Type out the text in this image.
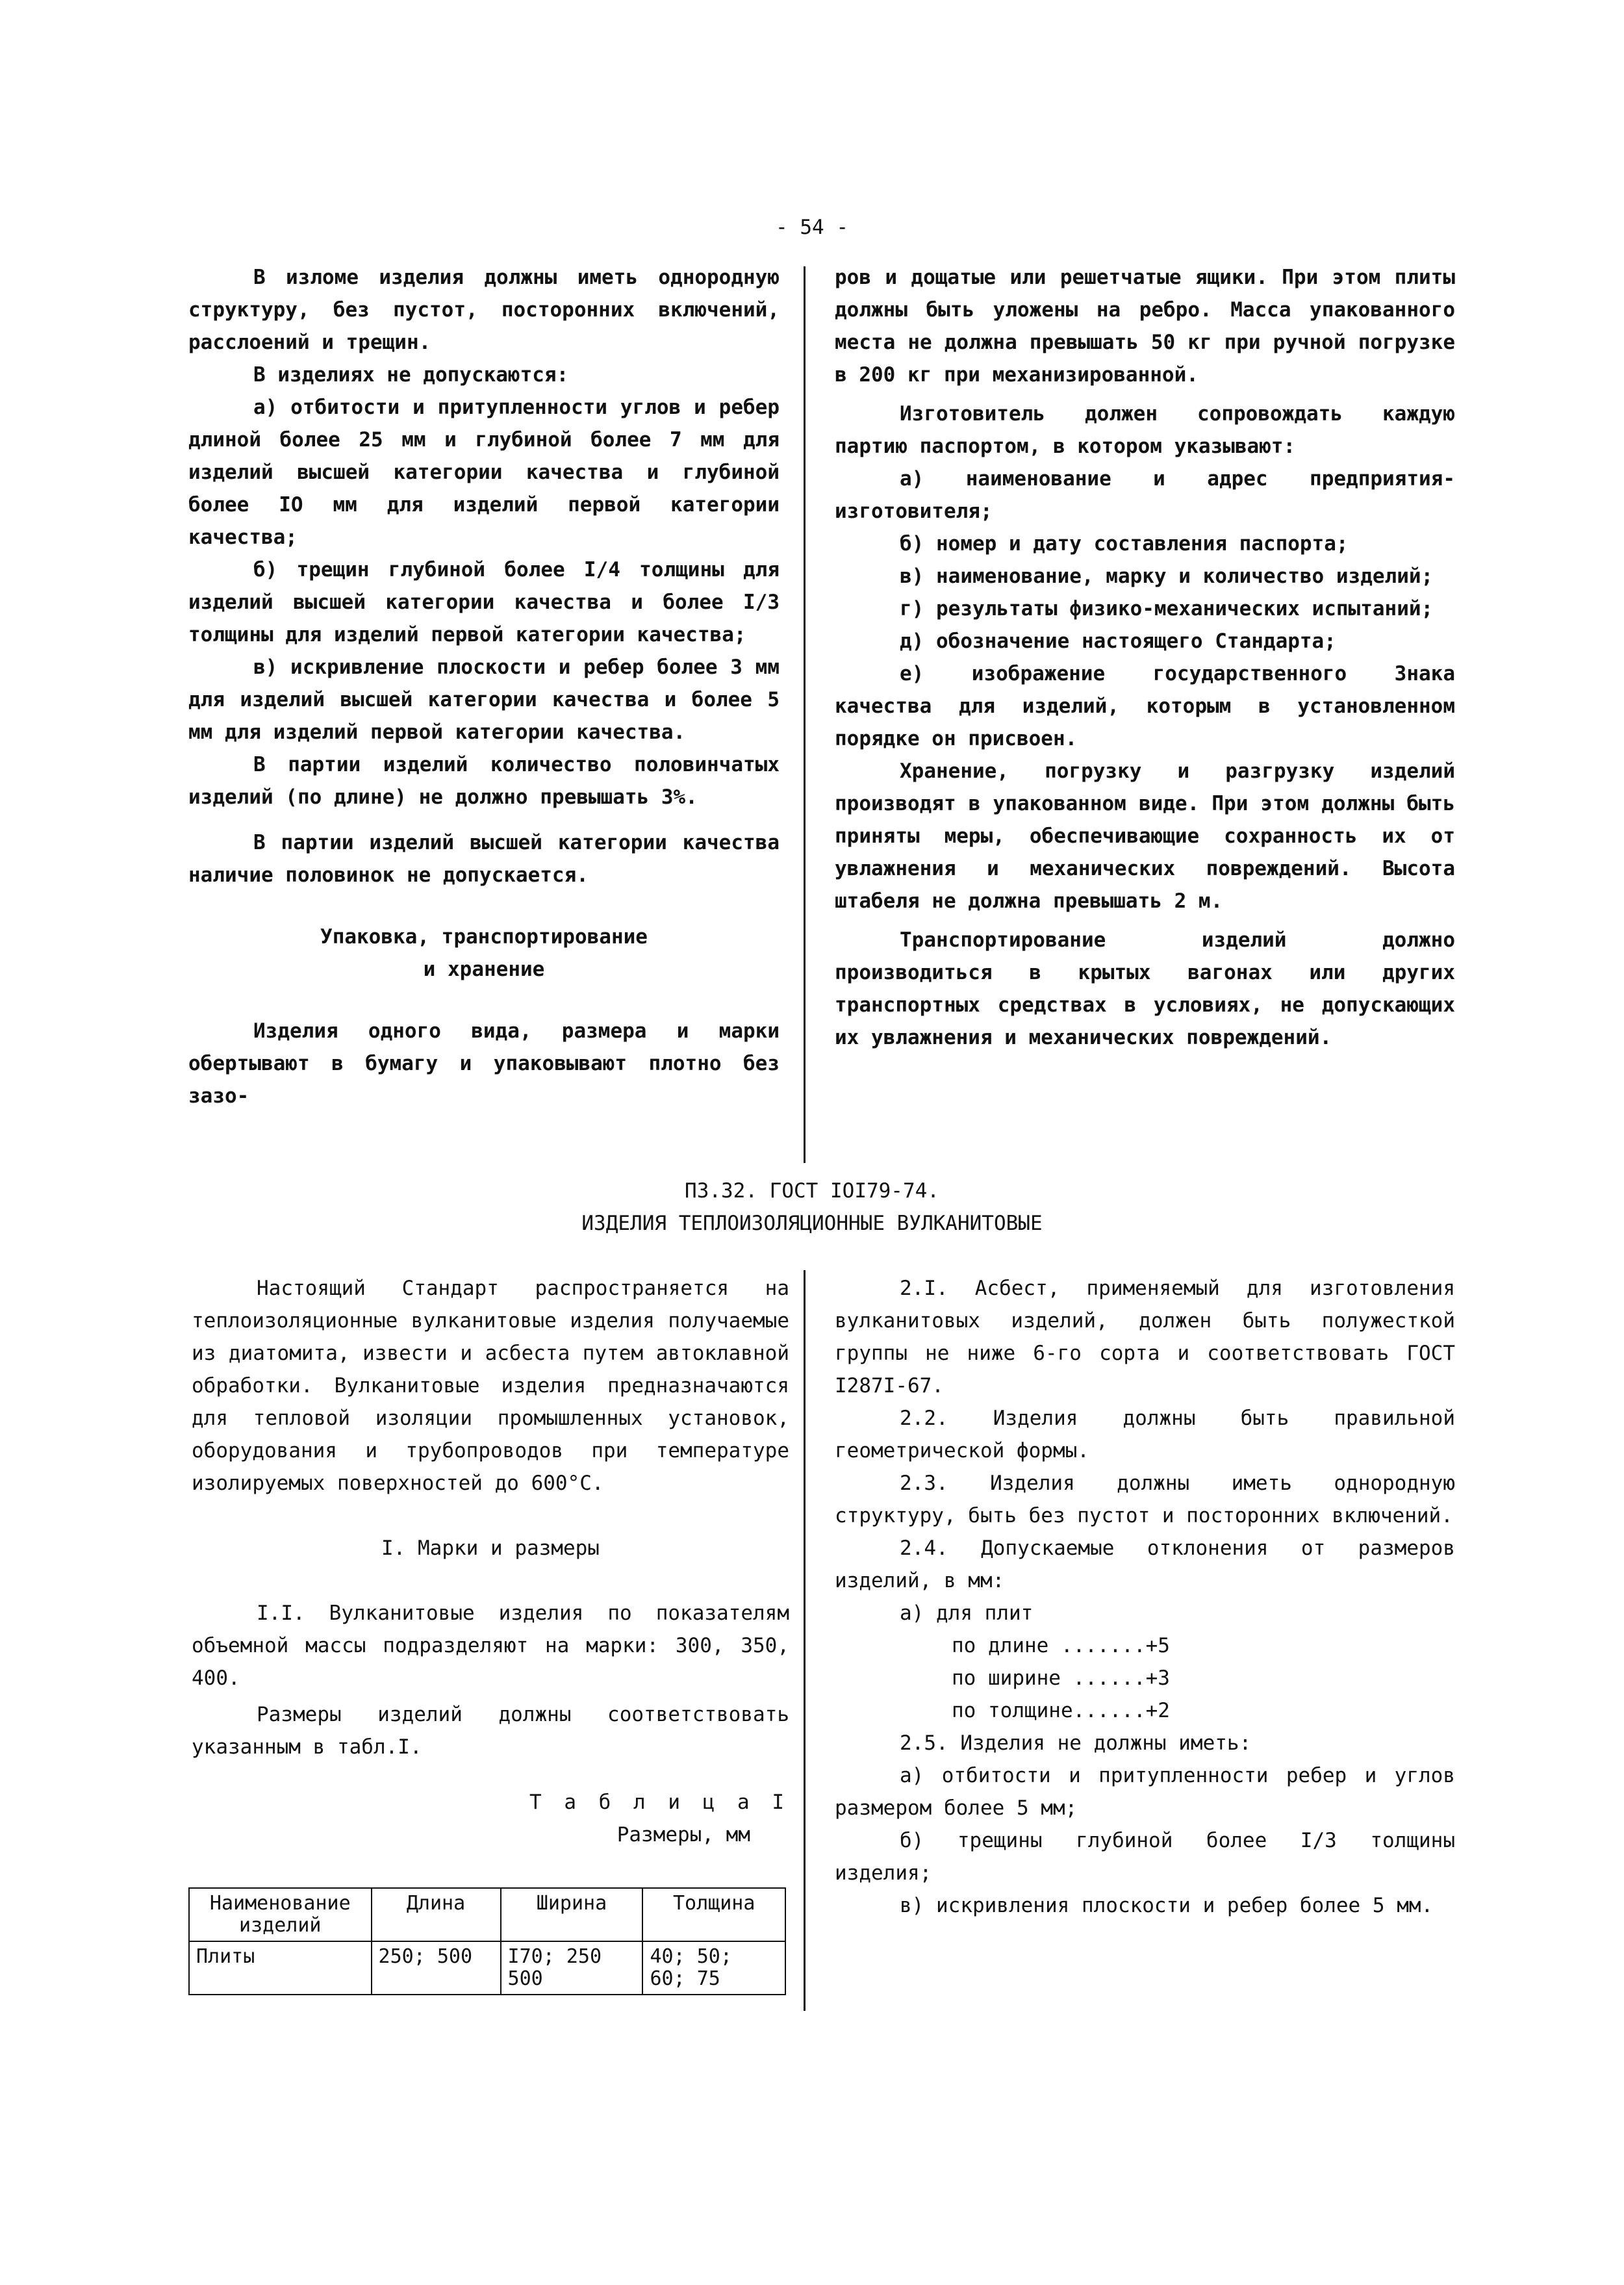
- 54 -

В изломе изделия должны иметь однородную структуру, без пустот, посторонних включений, расслоений и трещин.

В изделиях не допускаются:

а) отбитости и притупленности углов и ребер длиной более 25 мм и глубиной более 7 мм для изделий высшей категории качества и глубиной более IO мм для изделий первой категории качества;

б) трещин глубиной более I/4 толщины для изделий высшей категории качества и более I/3 толщины для изделий первой категории качества;

в) искривление плоскости и ребер более 3 мм для изделий высшей категории качества и более 5 мм для изделий первой категории качества.

В партии изделий количество половинчатых изделий (по длине) не должно превышать 3%.

В партии изделий высшей категории качества наличие половинок не допускается.

Упаковка, транспортирование

и хранение

Изделия одного вида, размера и марки обертывают в бумагу и упаковывают плотно без зазо-

ров и дощатые или решетчатые ящики. При этом плиты должны быть уложены на ребро. Масса упакованного места не должна превышать 50 кг при ручной погрузке в 200 кг при механизированной.

Изготовитель должен сопровождать каждую партию паспортом, в котором указывают:

а) наименование и адрес предприятия-изготовителя;

б) номер и дату составления паспорта;

в) наименование, марку и количество изделий;

г) результаты физико-механических испытаний;

д) обозначение настоящего Стандарта;

е) изображение государственного Знака качества для изделий, которым в установленном порядке он присвоен.

Хранение, погрузку и разгрузку изделий производят в упакованном виде. При этом должны быть приняты меры, обеспечивающие сохранность их от увлажнения и механических повреждений. Высота штабеля не должна превышать 2 м.

Транспортирование изделий должно производиться в крытых вагонах или других транспортных средствах в условиях, не допускающих их увлажнения и механических повреждений.

ПЗ.32. ГОСТ IOI79-74.
ИЗДЕЛИЯ ТЕПЛОИЗОЛЯЦИОННЫЕ ВУЛКАНИТОВЫЕ

Настоящий Стандарт распространяется на теплоизоляционные вулканитовые изделия получаемые из диатомита, извести и асбеста путем автоклавной обработки. Вулканитовые изделия предназначаются для тепловой изоляции промышленных установок, оборудования и трубопроводов при температуре изолируемых поверхностей до 600°С.

I. Марки и размеры

I.I. Вулканитовые изделия по показателям объемной массы подразделяют на марки: 300, 350, 400.

Размеры изделий должны соответствовать указанным в табл.I.

Т а б л и ц а I

Размеры, мм

Наименование изделий	Длина	Ширина	Толщина
Плиты	250; 500	I70; 250 500	40; 50; 60; 75

2.I. Асбест, применяемый для изготовления вулканитовых изделий, должен быть полужесткой группы не ниже 6-го сорта и соответствовать ГОСТ I287I-67.

2.2. Изделия должны быть правильной геометрической формы.

2.3. Изделия должны иметь однородную структуру, быть без пустот и посторонних включений.

2.4. Допускаемые отклонения от размеров изделий, в мм:

а) для плит

по длине .......+5

по ширине ......+3

по толщине......+2

2.5. Изделия не должны иметь:

а) отбитости и притупленности ребер и углов размером более 5 мм;

б) трещины глубиной более I/3 толщины изделия;

в) искривления плоскости и ребер более 5 мм.
